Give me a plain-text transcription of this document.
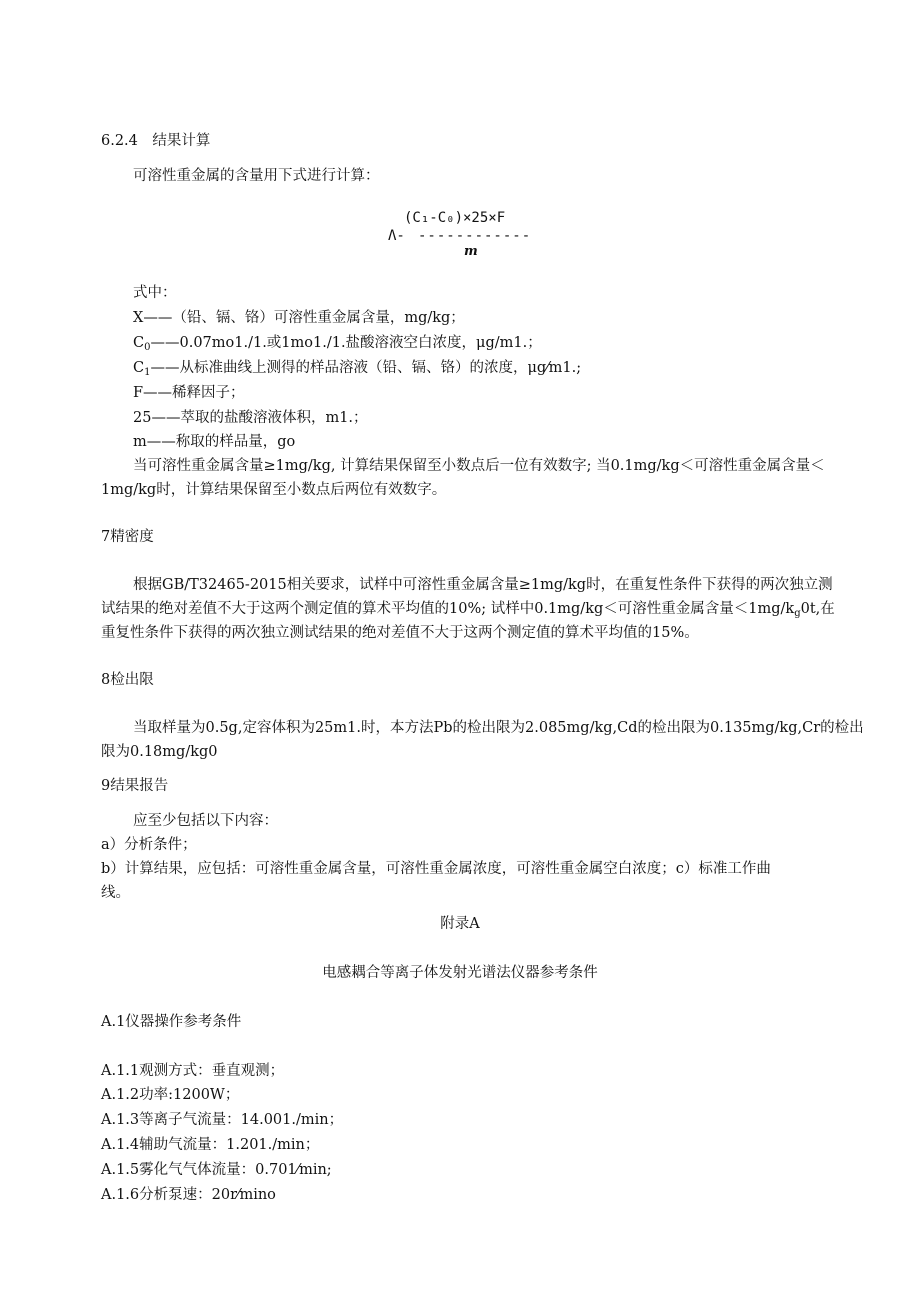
6.2.4　结果计算
可溶性重金属的含量用下式进行计算：
(C₁-C₀)×25×F
Λ- ------------
m
式中：
X——（铅、镉、铬）可溶性重金属含量，mg/kg；
$C_0——0.07mo1./1$.或1mo1./1.盐酸溶液空白浓度，μg/m1.；
$C_1——$从标准曲线上测得的样品溶液（铅、镉、铬）的浓度，μg⁄m1.;
F——稀释因子；
25——萃取的盐酸溶液体积，m1.；
m——称取的样品量，go
当可溶性重金属含量≥1mg/kg, 计算结果保留至小数点后一位有效数字; 当0.1mg/kg＜可溶性重金属含量＜
1mg/kg时，计算结果保留至小数点后两位有效数字。
7精密度
根据GB/T32465-2015相关要求，试样中可溶性重金属含量≥1mg/kg时，在重复性条件下获得的两次独立测
试结果的绝对差值不大于这两个测定值的算术平均值的10%; 试样中0.1mg/kg＜可溶性重金属含量$<1mg/k_g0t$,在
重复性条件下获得的两次独立测试结果的绝对差值不大于这两个测定值的算术平均值的15%。
8检出限
当取样量为0.5g,定容体积为25m1.时，本方法Pb的检出限为2.085mg/kg,Cd的检出限为0.135mg/kg,Cr的检出
限为0.18mg/kg0
9结果报告
应至少包括以下内容：
a）分析条件；
b）计算结果，应包括：可溶性重金属含量，可溶性重金属浓度，可溶性重金属空白浓度；c）标准工作曲
线。
附录A
电感耦合等离子体发射光谱法仪器参考条件
A.1仪器操作参考条件
A.1.1观测方式：垂直观测；
A.1.2功率:1200W；
A.1.3等离子气流量：14.001./min；
A.1.4辅助气流量：1.201./min；
A.1.5雾化气气体流量：0.701⁄min;
A.1.6分析泵速：20r⁄mino
